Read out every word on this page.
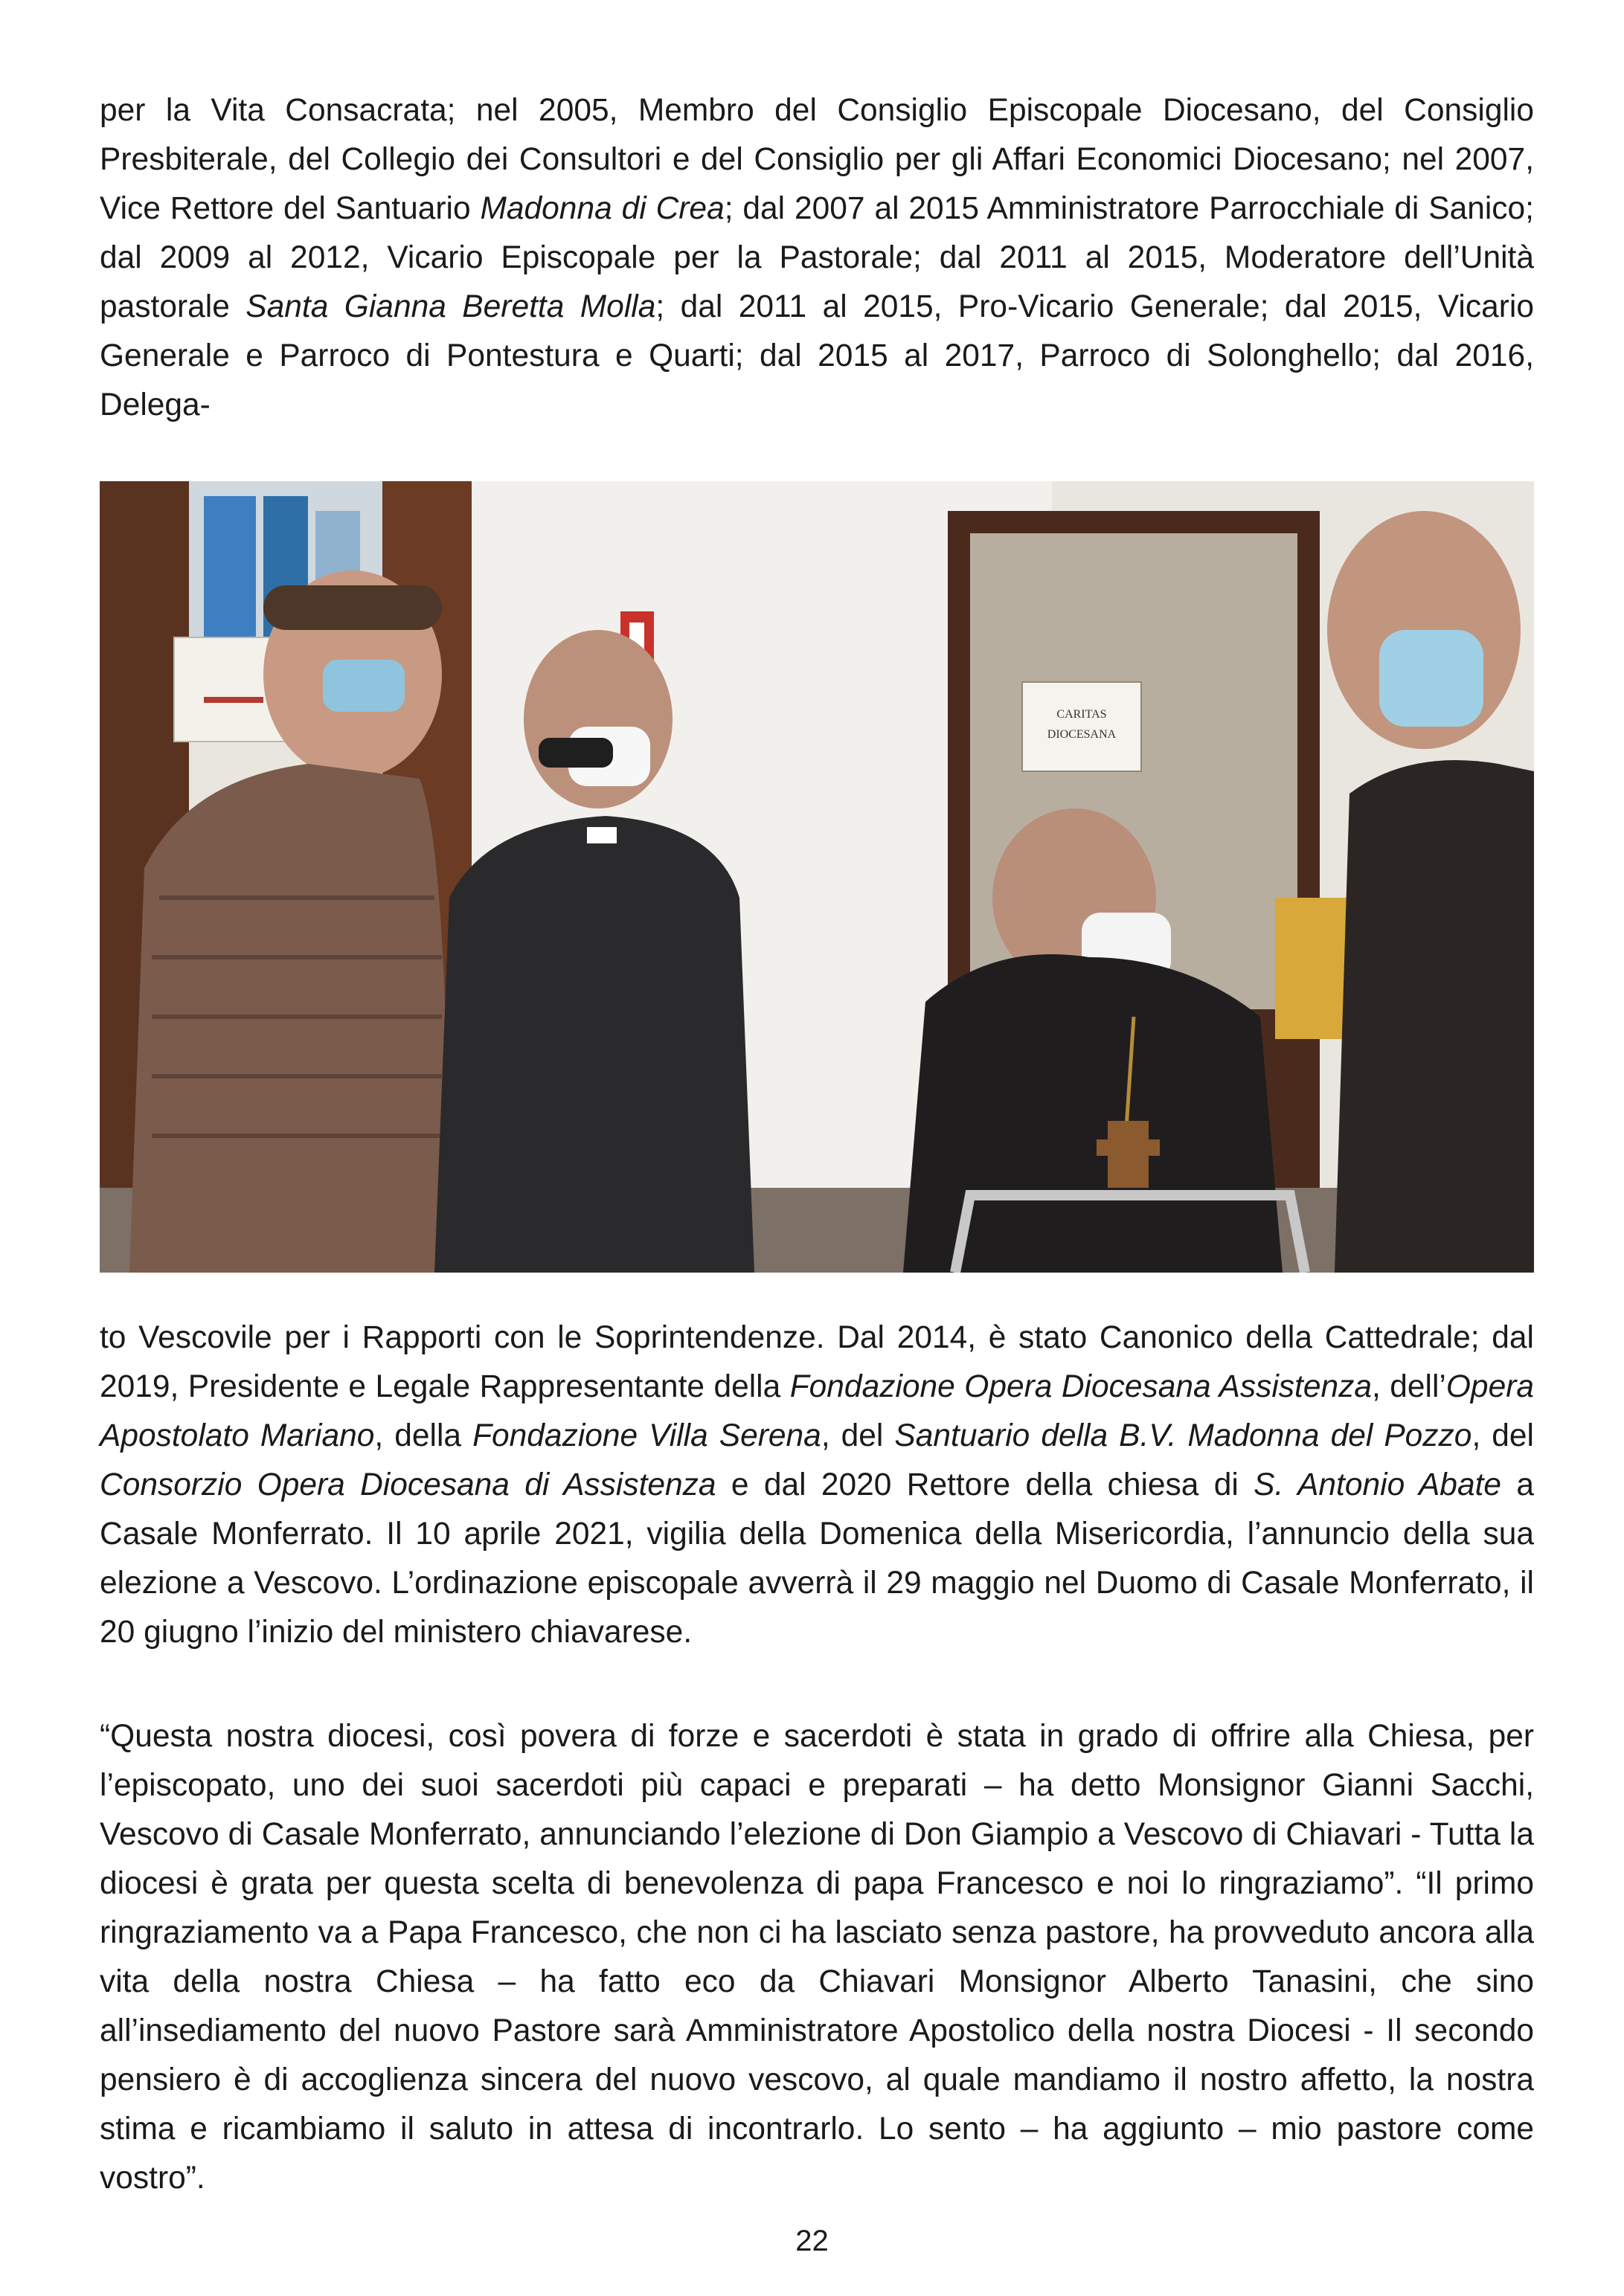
per la Vita Consacrata; nel 2005, Membro del Consiglio Episcopale Diocesano, del Consiglio Presbiterale, del Collegio dei Consultori e del Consiglio per gli Affari Economici Diocesano; nel 2007, Vice Rettore del Santuario Madonna di Crea; dal 2007 al 2015 Amministratore Parrocchiale di Sanico; dal 2009 al 2012, Vicario Episcopale per la Pastorale; dal 2011 al 2015, Moderatore dell’Unità pastorale Santa Gianna Beretta Molla; dal 2011 al 2015, Pro-Vicario Generale; dal 2015, Vicario Generale e Parroco di Pontestura e Quarti; dal 2015 al 2017, Parroco di Solonghello; dal 2016, Delega-

CARITAS
DIOCESANA

to Vescovile per i Rapporti con le Soprintendenze. Dal 2014, è stato Canonico della Cattedrale; dal 2019, Presidente e Legale Rappresentante della Fondazione Opera Diocesana Assistenza, dell’Opera Apostolato Mariano, della Fondazione Villa Serena, del Santuario della B.V. Madonna del Pozzo, del Consorzio Opera Diocesana di Assistenza e dal 2020 Rettore della chiesa di S. Antonio Abate a Casale Monferrato. Il 10 aprile 2021, vigilia della Domenica della Misericordia, l’annuncio della sua elezione a Vescovo. L’ordinazione episcopale avverrà il 29 maggio nel Duomo di Casale Monferrato, il 20 giugno l’inizio del ministero chiavarese.

“Questa nostra diocesi, così povera di forze e sacerdoti è stata in grado di offrire alla Chiesa, per l’episcopato, uno dei suoi sacerdoti più capaci e preparati – ha detto Monsignor Gianni Sacchi, Vescovo di Casale Monferrato, annunciando l’elezione di Don Giampio a Vescovo di Chiavari - Tutta la diocesi è grata per questa scelta di benevolenza di papa Francesco e noi lo ringraziamo”. “Il primo ringraziamento va a Papa Francesco, che non ci ha lasciato senza pastore, ha provveduto ancora alla vita della nostra Chiesa – ha fatto eco da Chiavari Monsignor Alberto Tanasini, che sino all’insediamento del nuovo Pastore sarà Amministratore Apostolico della nostra Diocesi - Il secondo pensiero è di accoglienza sincera del nuovo vescovo, al quale mandiamo il nostro affetto, la nostra stima e ricambiamo il saluto in attesa di incontrarlo. Lo sento – ha aggiunto – mio pastore come vostro”.

22
